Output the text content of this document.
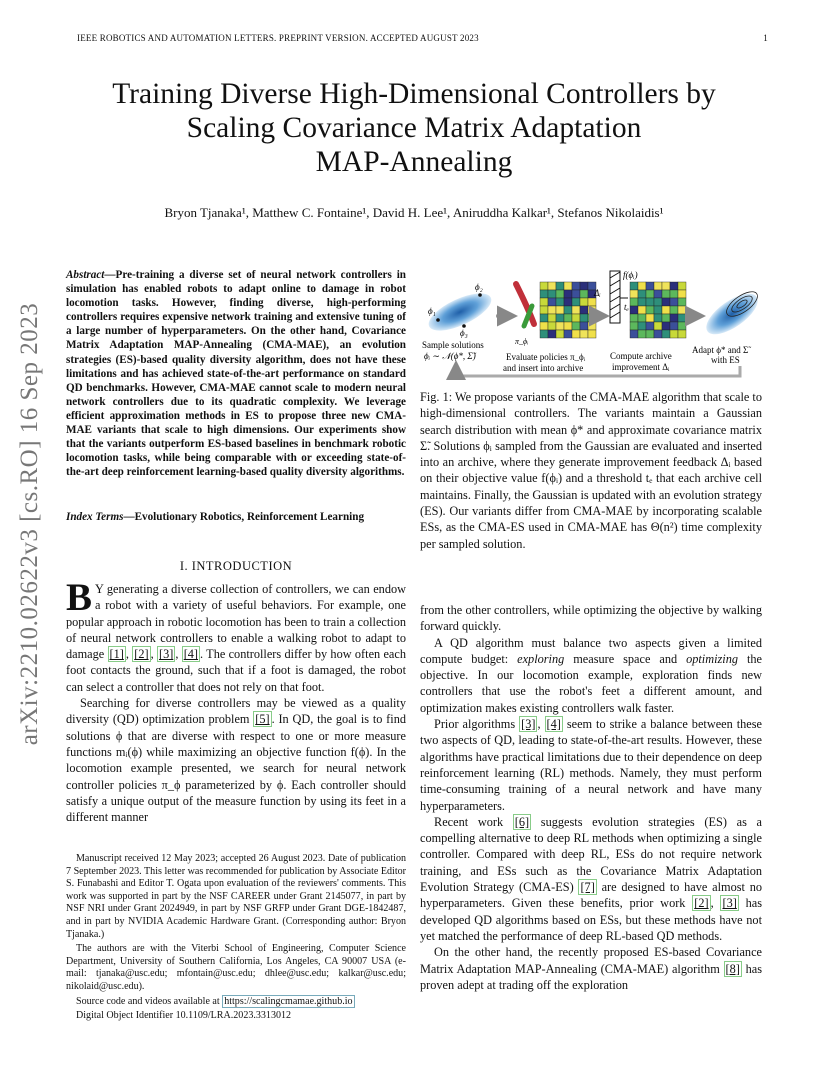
IEEE ROBOTICS AND AUTOMATION LETTERS. PREPRINT VERSION. ACCEPTED AUGUST 2023	1
Training Diverse High-Dimensional Controllers by
Scaling Covariance Matrix Adaptation
MAP-Annealing
Bryon Tjanaka¹, Matthew C. Fontaine¹, David H. Lee¹, Aniruddha Kalkar¹, Stefanos Nikolaidis¹
arXiv:2210.02622v3 [cs.RO] 16 Sep 2023
Abstract—Pre-training a diverse set of neural network controllers in simulation has enabled robots to adapt online to damage in robot locomotion tasks. However, finding diverse, high-performing controllers requires expensive network training and extensive tuning of a large number of hyperparameters. On the other hand, Covariance Matrix Adaptation MAP-Annealing (CMA-MAE), an evolution strategies (ES)-based quality diversity algorithm, does not have these limitations and has achieved state-of-the-art performance on standard QD benchmarks. However, CMA-MAE cannot scale to modern neural network controllers due to its quadratic complexity. We leverage efficient approximation methods in ES to propose three new CMA-MAE variants that scale to high dimensions. Our experiments show that the variants outperform ES-based baselines in benchmark robotic locomotion tasks, while being comparable with or exceeding state-of-the-art deep reinforcement learning-based quality diversity algorithms.
Index Terms—Evolutionary Robotics, Reinforcement Learning
I. INTRODUCTION

B Y generating a diverse collection of controllers, we can endow a robot with a variety of useful behaviors. For example, one popular approach in robotic locomotion has been to train a collection of neural network controllers to enable a walking robot to adapt to damage [1] , [2] , [3] , [4] . The controllers differ by how often each foot contacts the ground, such that if a foot is damaged, the robot can select a controller that does not rely on that foot.

Searching for diverse controllers may be viewed as a quality diversity (QD) optimization problem [5] . In QD, the goal is to find solutions ϕ that are diverse with respect to one or more measure functions mᵢ(ϕ) while maximizing an objective function f(ϕ). In the locomotion example presented, we search for neural network controller policies π_ϕ parameterized by ϕ. Each controller should satisfy a unique output of the measure function by using its feet in a different manner

Manuscript received 12 May 2023; accepted 26 August 2023. Date of publication 7 September 2023. This letter was recommended for publication by Associate Editor S. Funabashi and Editor T. Ogata upon evaluation of the reviewers' comments. This work was supported in part by the NSF CAREER under Grant 2145077, in part by NSF NRI under Grant 2024949, in part by NSF GRFP under Grant DGE-1842487, and in part by NVIDIA Academic Hardware Grant. (Corresponding author: Bryon Tjanaka.)

The authors are with the Viterbi School of Engineering, Computer Science Department, University of Southern California, Los Angeles, CA 90007 USA (e-mail: tjanaka@usc.edu; mfontain@usc.edu; dhlee@usc.edu; kalkar@usc.edu; nikolaid@usc.edu).

Source code and videos available at https://scalingcmamae.github.io

Digital Object Identifier 10.1109/LRA.2023.3313012

ϕ₁
ϕ₂
ϕ₃
Sample solutions
ϕᵢ ∼ 𝒩(ϕ*, Σ̃)
π_ϕᵢ
Evaluate policies π_ϕᵢ
and insert into archive
Δᵢ
f(ϕᵢ)
tₑ
Compute archive
improvement Δᵢ
Adapt ϕ* and Σ̃
with ES
Fig. 1: We propose variants of the CMA-MAE algorithm that scale to high-dimensional controllers. The variants maintain a Gaussian search distribution with mean ϕ* and approximate covariance matrix Σ̃. Solutions ϕᵢ sampled from the Gaussian are evaluated and inserted into an archive, where they generate improvement feedback Δᵢ based on their objective value f(ϕᵢ) and a threshold tₑ that each archive cell maintains. Finally, the Gaussian is updated with an evolution strategy (ES). Our variants differ from CMA-MAE by incorporating scalable ESs, as the CMA-ES used in CMA-MAE has Θ(n²) time complexity per sampled solution.

from the other controllers, while optimizing the objective by walking forward quickly.

A QD algorithm must balance two aspects given a limited compute budget: exploring measure space and optimizing the objective. In our locomotion example, exploration finds new controllers that use the robot's feet a different amount, and optimization makes existing controllers walk faster.

Prior algorithms [3] , [4] seem to strike a balance between these two aspects of QD, leading to state-of-the-art results. However, these algorithms have practical limitations due to their dependence on deep reinforcement learning (RL) methods. Namely, they must perform time-consuming training of a neural network and have many hyperparameters.

Recent work [6] suggests evolution strategies (ES) as a compelling alternative to deep RL methods when optimizing a single controller. Compared with deep RL, ESs do not require network training, and ESs such as the Covariance Matrix Adaptation Evolution Strategy (CMA-ES) [7] are designed to have almost no hyperparameters. Given these benefits, prior work [2] , [3] has developed QD algorithms based on ESs, but these methods have not yet matched the performance of deep RL-based QD methods.

On the other hand, the recently proposed ES-based Covariance Matrix Adaptation MAP-Annealing (CMA-MAE) algorithm [8] has proven adept at trading off the exploration
